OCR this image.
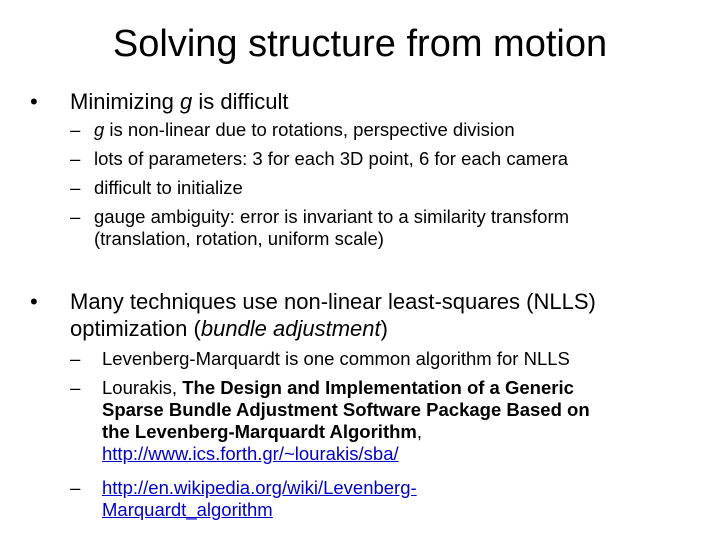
Solving structure from motion
•	Minimizing g is difficult
– g is non-linear due to rotations, perspective division
– lots of parameters: 3 for each 3D point, 6 for each camera
– difficult to initialize
– gauge ambiguity: error is invariant to a similarity transform
(translation, rotation, uniform scale)
•	Many techniques use non-linear least-squares (NLLS)
optimization (bundle adjustment)
–	Levenberg-Marquardt is one common algorithm for NLLS
–	Lourakis, The Design and Implementation of a Generic
Sparse Bundle Adjustment Software Package Based on
the Levenberg-Marquardt Algorithm,
http://www.ics.forth.gr/~lourakis/sba/
–	http://en.wikipedia.org/wiki/Levenberg-
Marquardt_algorithm
